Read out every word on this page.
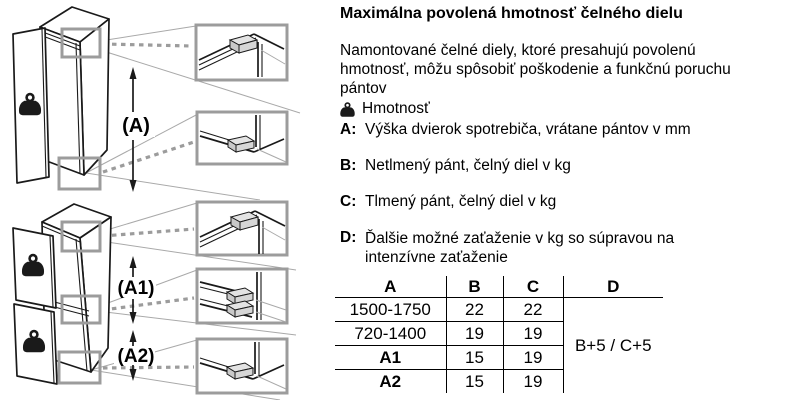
(A)
(A1)
(A2)
Maximálna povolená hmotnosť čelného dielu
Namontované čelné diely, ktoré presahujú povolenú
hmotnosť, môžu spôsobiť poškodenie a funkčnú poruchu
pántov
Hmotnosť
A: Výška dvierok spotrebiča, vrátane pántov v mm
B: Netlmený pánt, čelný diel v kg
C: Tlmený pánt, čelný diel v kg
D: Ďalšie možné zaťaženie v kg so súpravou na
intenzívne zaťaženie
A	B	C	D
1500-1750	22	22	B+5 / C+5
720-1400	19	19	
A1	15	19	
A2	15	19	
